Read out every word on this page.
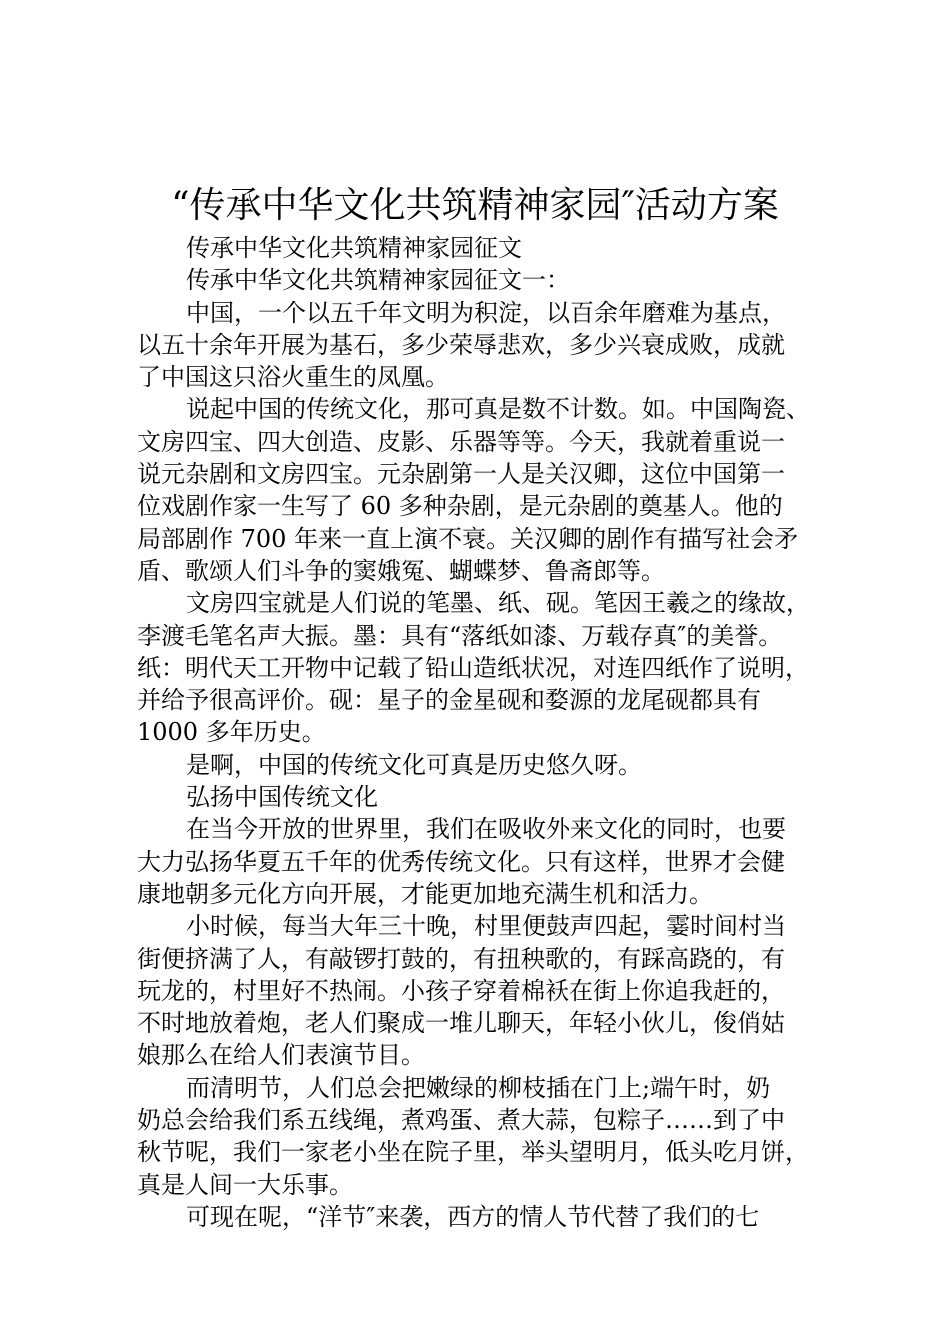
“传承中华文化共筑精神家园″活动方案
传承中华文化共筑精神家园征文
传承中华文化共筑精神家园征文一：
中国，一个以五千年文明为积淀，以百余年磨难为基点，
以五十余年开展为基石，多少荣辱悲欢，多少兴衰成败，成就
了中国这只浴火重生的凤凰。
说起中国的传统文化，那可真是数不计数。如。中国陶瓷、
文房四宝、四大创造、皮影、乐器等等。今天，我就着重说一
说元杂剧和文房四宝。元杂剧第一人是关汉卿，这位中国第一
位戏剧作家一生写了 60 多种杂剧，是元杂剧的奠基人。他的
局部剧作 700 年来一直上演不衰。关汉卿的剧作有描写社会矛
盾、歌颂人们斗争的窦娥冤、蝴蝶梦、鲁斋郎等。
文房四宝就是人们说的笔墨、纸、砚。笔因王羲之的缘故，
李渡毛笔名声大振。墨：具有“落纸如漆、万载存真″的美誉。
纸：明代天工开物中记载了铅山造纸状况，对连四纸作了说明，
并给予很高评价。砚：星子的金星砚和婺源的龙尾砚都具有
1000 多年历史。
是啊，中国的传统文化可真是历史悠久呀。
弘扬中国传统文化
在当今开放的世界里，我们在吸收外来文化的同时，也要
大力弘扬华夏五千年的优秀传统文化。只有这样，世界才会健
康地朝多元化方向开展，才能更加地充满生机和活力。
小时候，每当大年三十晚，村里便鼓声四起，霎时间村当
街便挤满了人，有敲锣打鼓的，有扭秧歌的，有踩高跷的，有
玩龙的，村里好不热闹。小孩子穿着棉袄在街上你追我赶的，
不时地放着炮，老人们聚成一堆儿聊天，年轻小伙儿，俊俏姑
娘那么在给人们表演节目。
而清明节，人们总会把嫩绿的柳枝插在门上;端午时，奶
奶总会给我们系五线绳，煮鸡蛋、煮大蒜，包粽子……到了中
秋节呢，我们一家老小坐在院子里，举头望明月，低头吃月饼，
真是人间一大乐事。
可现在呢，“洋节″来袭，西方的情人节代替了我们的七
